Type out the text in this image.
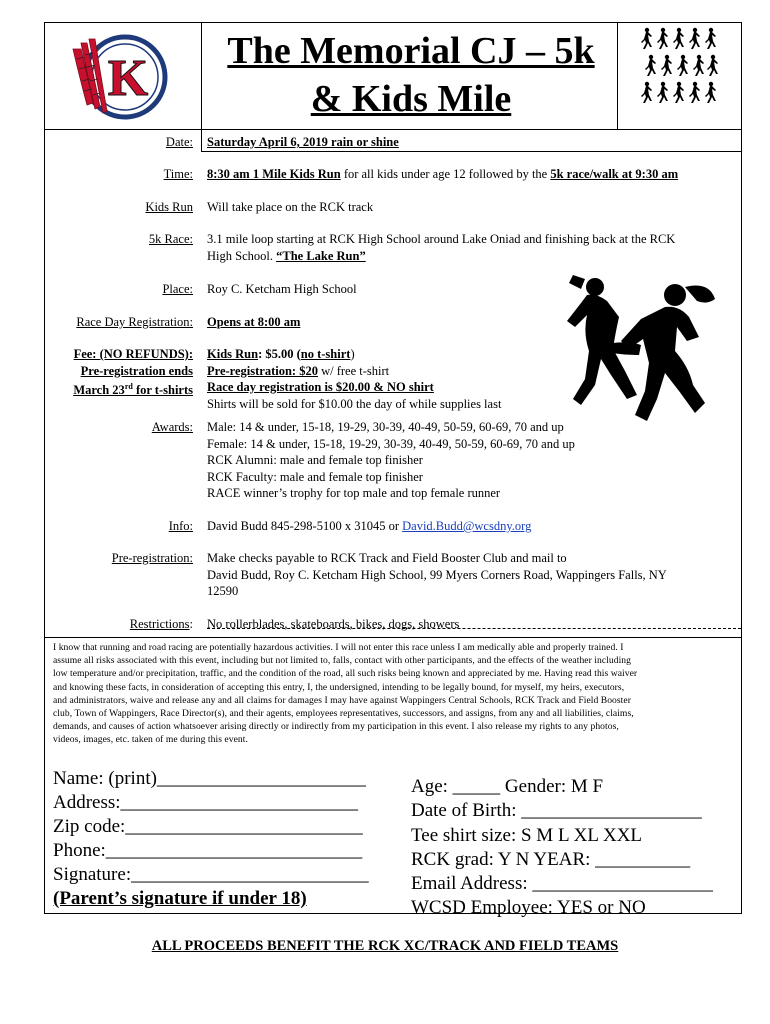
K	The Memorial CJ – 5k
& Kids Mile
Date: Saturday April 6, 2019 rain or shine
Time: 8:30 am 1 Mile Kids Run for all kids under age 12 followed by the 5k race/walk at 9:30 am
Kids Run Will take place on the RCK track
5k Race: 3.1 mile loop starting at RCK High School around Lake Oniad and finishing back at the RCK
High School. “The Lake Run”
Place: Roy C. Ketcham High School
Race Day Registration: Opens at 8:00 am
Fee: (NO REFUNDS):
Pre-registration ends
March 23rd for t-shirts
Kids Run: $5.00 (no t-shirt)
Pre-registration: $20 w/ free t-shirt
Race day registration is $20.00 & NO shirt
Shirts will be sold for $10.00 the day of while supplies last
Awards: Male: 14 & under, 15-18, 19-29, 30-39, 40-49, 50-59, 60-69, 70 and up
Female: 14 & under, 15-18, 19-29, 30-39, 40-49, 50-59, 60-69, 70 and up
RCK Alumni: male and female top finisher
RCK Faculty: male and female top finisher
RACE winner’s trophy for top male and top female runner
Info: David Budd 845-298-5100 x 31045 or David.Budd@wcsdny.org
Pre-registration: Make checks payable to RCK Track and Field Booster Club and mail to
David Budd, Roy C. Ketcham High School, 99 Myers Corners Road, Wappingers Falls, NY
12590
Restrictions: No rollerblades, skateboards, bikes, dogs, showers
I know that running and road racing are potentially hazardous activities. I will not enter this race unless I am medically able and properly trained. I
assume all risks associated with this event, including but not limited to, falls, contact with other participants, and the effects of the weather including
low temperature and/or precipitation, traffic, and the condition of the road, all such risks being known and appreciated by me. Having read this waiver
and knowing these facts, in consideration of accepting this entry, I, the undersigned, intending to be legally bound, for myself, my heirs, executors,
and administrators, waive and release any and all claims for damages I may have against Wappingers Central Schools, RCK Track and Field Booster
club, Town of Wappingers, Race Director(s), and their agents, employees representatives, successors, and assigns, from any and all liabilities, claims,
demands, and causes of action whatsoever arising directly or indirectly from my participation in this event. I also release my rights to any photos,
videos, images, etc. taken of me during this event.
Name: (print)______________________
Address:_________________________
Zip code:_________________________
Phone:___________________________
Signature:_________________________
(Parent’s signature if under 18)
Age: _____ Gender: M F
Date of Birth: ___________________
Tee shirt size: S M L XL XXL
RCK grad: Y N YEAR: __________
Email Address: ___________________
WCSD Employee: YES or NO
ALL PROCEEDS BENEFIT THE RCK XC/TRACK AND FIELD TEAMS
